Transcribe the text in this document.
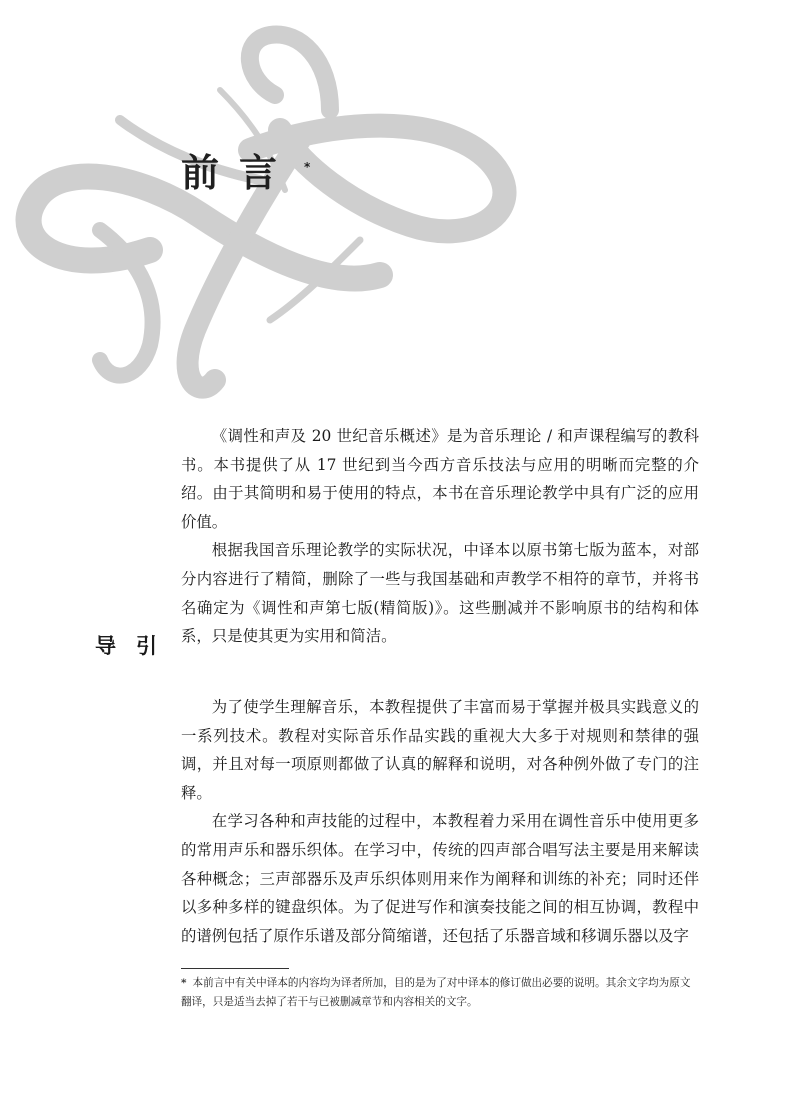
前言 *

《调性和声及 20 世纪音乐概述》是为音乐理论 / 和声课程编写的教科书。本书提供了从 17 世纪到当今西方音乐技法与应用的明晰而完整的介绍。由于其简明和易于使用的特点，本书在音乐理论教学中具有广泛的应用价值。

根据我国音乐理论教学的实际状况，中译本以原书第七版为蓝本，对部分内容进行了精简，删除了一些与我国基础和声教学不相符的章节，并将书名确定为《调性和声第七版(精简版)》。这些删减并不影响原书的结构和体系，只是使其更为实用和简洁。

导引

为了使学生理解音乐，本教程提供了丰富而易于掌握并极具实践意义的一系列技术。教程对实际音乐作品实践的重视大大多于对规则和禁律的强调，并且对每一项原则都做了认真的解释和说明，对各种例外做了专门的注释。

在学习各种和声技能的过程中，本教程着力采用在调性音乐中使用更多的常用声乐和器乐织体。在学习中，传统的四声部合唱写法主要是用来解读各种概念；三声部器乐及声乐织体则用来作为阐释和训练的补充；同时还伴以多种多样的键盘织体。为了促进写作和演奏技能之间的相互协调，教程中的谱例包括了原作乐谱及部分简缩谱，还包括了乐器音域和移调乐器以及字

* 本前言中有关中译本的内容均为译者所加，目的是为了对中译本的修订做出必要的说明。其余文字均为原文翻译，只是适当去掉了若干与已被删减章节和内容相关的文字。
